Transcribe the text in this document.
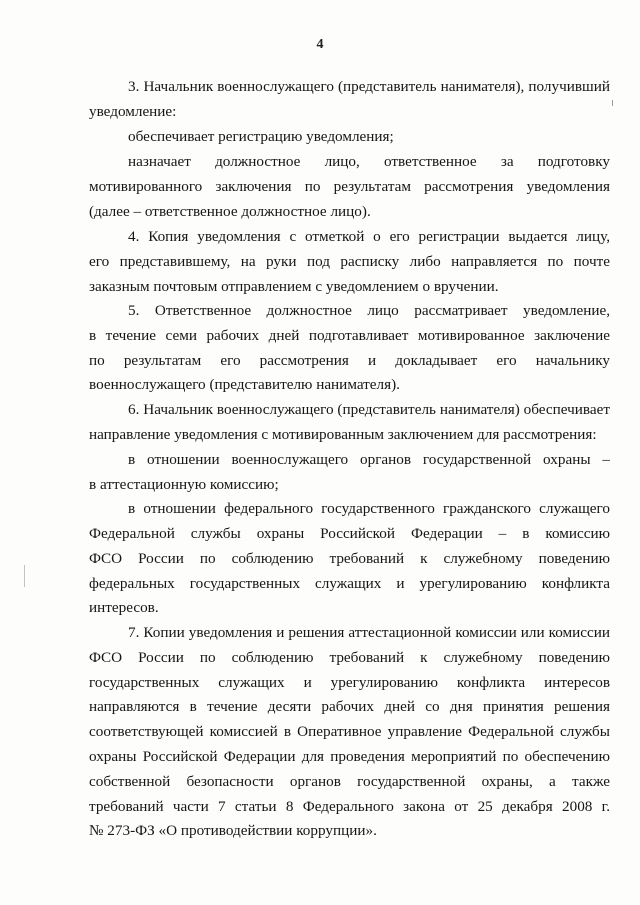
4
3. Начальник военнослужащего (представитель нанимателя), получивший
уведомление:
обеспечивает регистрацию уведомления;
назначает должностное лицо, ответственное за подготовку
мотивированного заключения по результатам рассмотрения уведомления
(далее – ответственное должностное лицо).
4. Копия уведомления с отметкой о его регистрации выдается лицу,
его представившему, на руки под расписку либо направляется по почте
заказным почтовым отправлением с уведомлением о вручении.
5. Ответственное должностное лицо рассматривает уведомление,
в течение семи рабочих дней подготавливает мотивированное заключение
по результатам его рассмотрения и докладывает его начальнику
военнослужащего (представителю нанимателя).
6. Начальник военнослужащего (представитель нанимателя) обеспечивает
направление уведомления с мотивированным заключением для рассмотрения:
в отношении военнослужащего органов государственной охраны –
в аттестационную комиссию;
в отношении федерального государственного гражданского служащего
Федеральной службы охраны Российской Федерации – в комиссию
ФСО России по соблюдению требований к служебному поведению
федеральных государственных служащих и урегулированию конфликта
интересов.
7. Копии уведомления и решения аттестационной комиссии или комиссии
ФСО России по соблюдению требований к служебному поведению
государственных служащих и урегулированию конфликта интересов
направляются в течение десяти рабочих дней со дня принятия решения
соответствующей комиссией в Оперативное управление Федеральной службы
охраны Российской Федерации для проведения мероприятий по обеспечению
собственной безопасности органов государственной охраны, а также
требований части 7 статьи 8 Федерального закона от 25 декабря 2008 г.
№ 273-ФЗ «О противодействии коррупции».
